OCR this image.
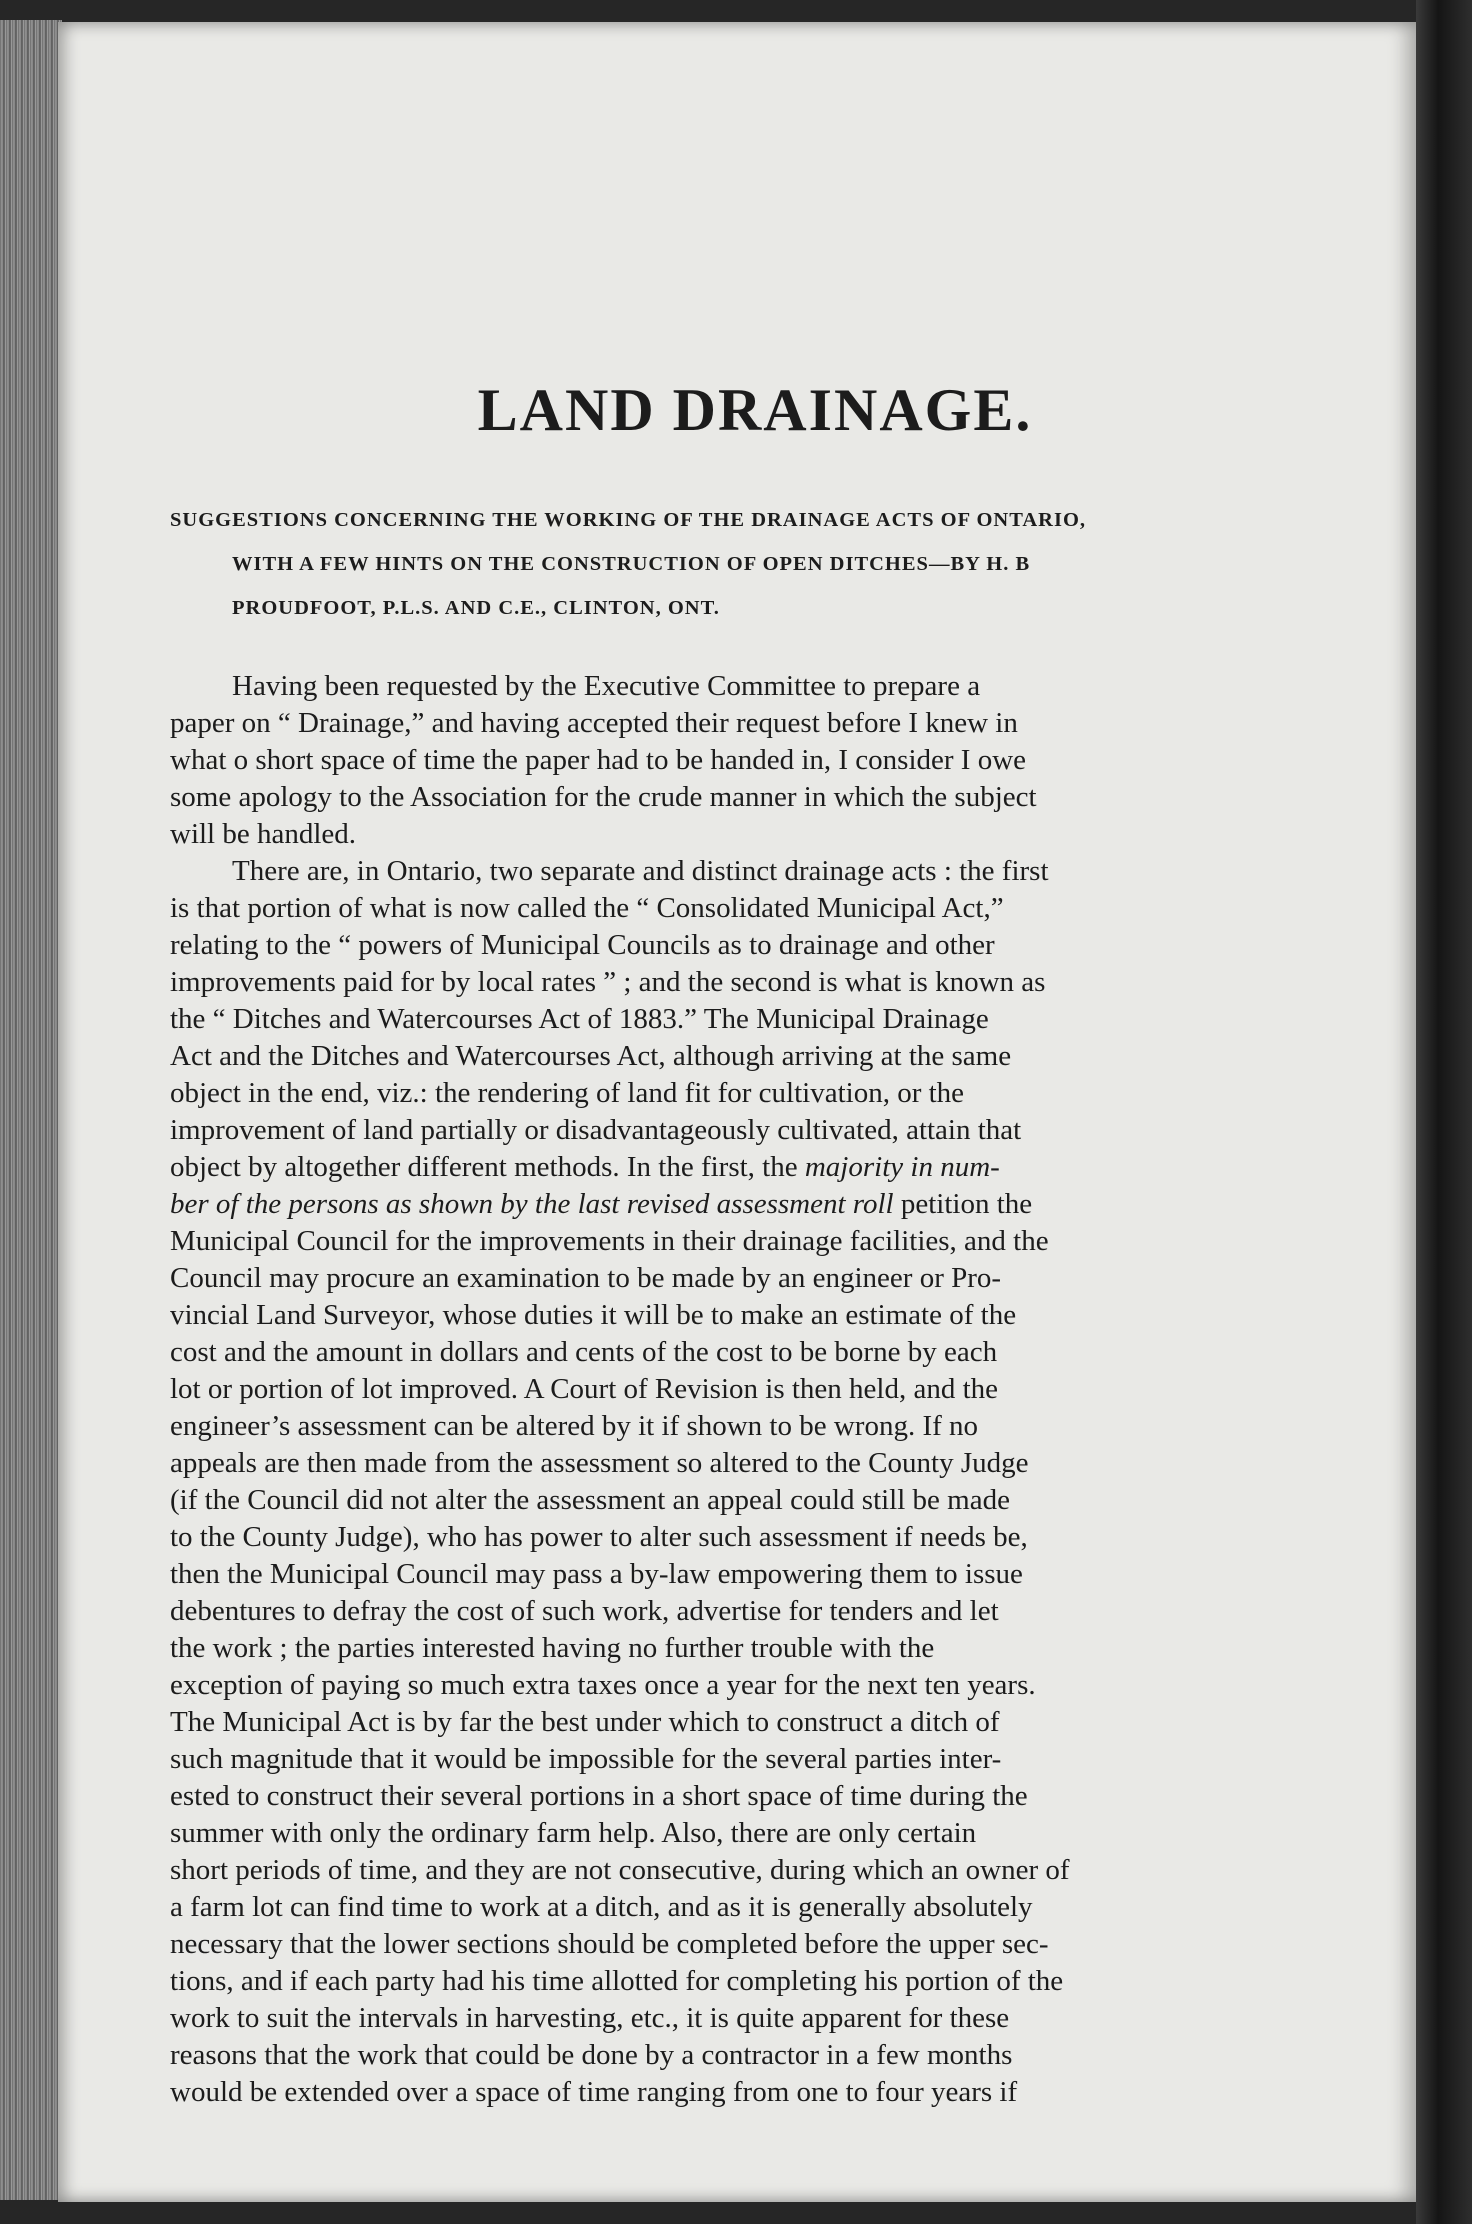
LAND DRAINAGE.
SUGGESTIONS CONCERNING THE WORKING OF THE DRAINAGE ACTS OF ONTARIO,
WITH A FEW HINTS ON THE CONSTRUCTION OF OPEN DITCHES—BY H. B
PROUDFOOT, P.L.S. AND C.E., CLINTON, ONT.

Having been requested by the Executive Committee to prepare a
paper on “ Drainage,” and having accepted their request before I knew in
what o short space of time the paper had to be handed in, I consider I owe
some apology to the Association for the crude manner in which the subject
will be handled.

There are, in Ontario, two separate and distinct drainage acts : the first
is that portion of what is now called the “ Consolidated Municipal Act,”
relating to the “ powers of Municipal Councils as to drainage and other
improvements paid for by local rates ” ; and the second is what is known as
the “ Ditches and Watercourses Act of 1883.” The Municipal Drainage
Act and the Ditches and Watercourses Act, although arriving at the same
object in the end, viz.: the rendering of land fit for cultivation, or the
improvement of land partially or disadvantageously cultivated, attain that
object by altogether different methods. In the first, the majority in num-
ber of the persons as shown by the last revised assessment roll petition the
Municipal Council for the improvements in their drainage facilities, and the
Council may procure an examination to be made by an engineer or Pro-
vincial Land Surveyor, whose duties it will be to make an estimate of the
cost and the amount in dollars and cents of the cost to be borne by each
lot or portion of lot improved. A Court of Revision is then held, and the
engineer’s assessment can be altered by it if shown to be wrong. If no
appeals are then made from the assessment so altered to the County Judge
(if the Council did not alter the assessment an appeal could still be made
to the County Judge), who has power to alter such assessment if needs be,
then the Municipal Council may pass a by-law empowering them to issue
debentures to defray the cost of such work, advertise for tenders and let
the work ; the parties interested having no further trouble with the
exception of paying so much extra taxes once a year for the next ten years.
The Municipal Act is by far the best under which to construct a ditch of
such magnitude that it would be impossible for the several parties inter-
ested to construct their several portions in a short space of time during the
summer with only the ordinary farm help. Also, there are only certain
short periods of time, and they are not consecutive, during which an owner of
a farm lot can find time to work at a ditch, and as it is generally absolutely
necessary that the lower sections should be completed before the upper sec-
tions, and if each party had his time allotted for completing his portion of the
work to suit the intervals in harvesting, etc., it is quite apparent for these
reasons that the work that could be done by a contractor in a few months
would be extended over a space of time ranging from one to four years if
